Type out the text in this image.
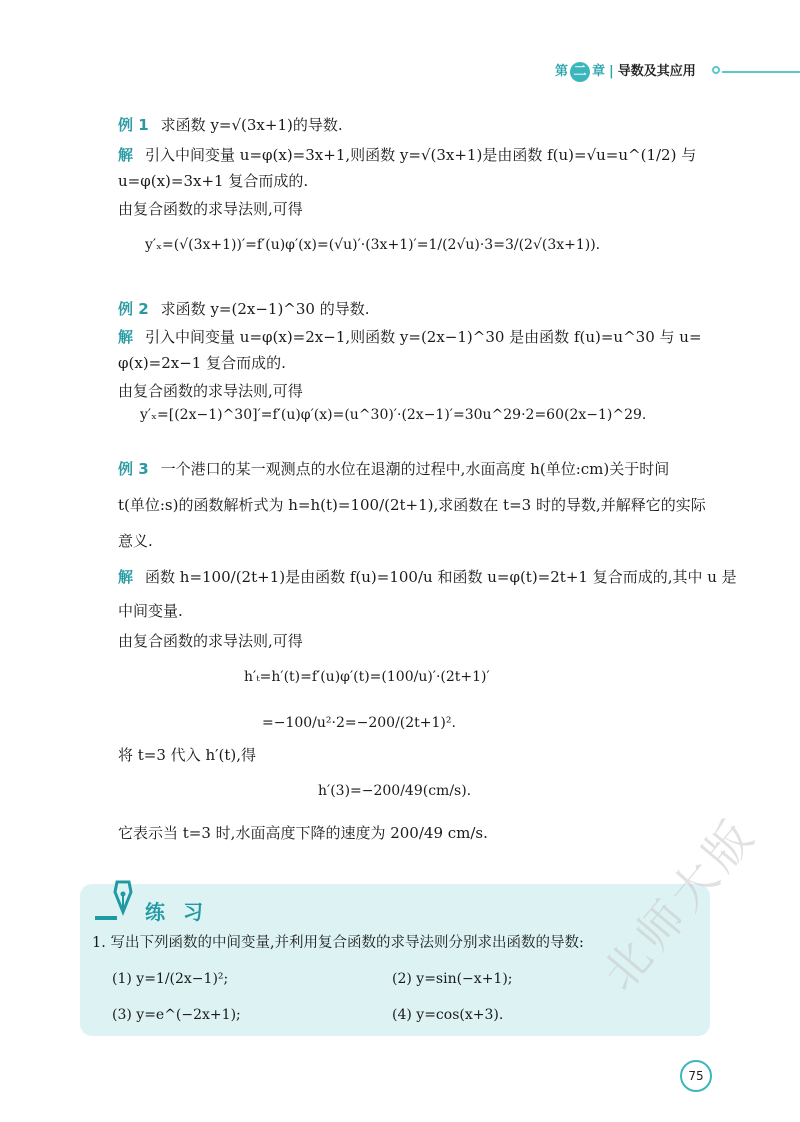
第 二 章 | 导数及其应用
例 1 求函数 y=√(3x+1)的导数.
解 引入中间变量 u=φ(x)=3x+1,则函数 y=√(3x+1)是由函数 f(u)=√u=u^(1/2) 与
u=φ(x)=3x+1 复合而成的.
由复合函数的求导法则,可得
y′ₓ=(√(3x+1))′=f′(u)φ′(x)=(√u)′·(3x+1)′=1/(2√u)·3=3/(2√(3x+1)).
例 2 求函数 y=(2x−1)^30 的导数.
解 引入中间变量 u=φ(x)=2x−1,则函数 y=(2x−1)^30 是由函数 f(u)=u^30 与 u=
φ(x)=2x−1 复合而成的.
由复合函数的求导法则,可得
y′ₓ=[(2x−1)^30]′=f′(u)φ′(x)=(u^30)′·(2x−1)′=30u^29·2=60(2x−1)^29.
例 3 一个港口的某一观测点的水位在退潮的过程中,水面高度 h(单位:cm)关于时间
t(单位:s)的函数解析式为 h=h(t)=100/(2t+1),求函数在 t=3 时的导数,并解释它的实际
意义.
解 函数 h=100/(2t+1)是由函数 f(u)=100/u 和函数 u=φ(t)=2t+1 复合而成的,其中 u 是
中间变量.
由复合函数的求导法则,可得
h′ₜ=h′(t)=f′(u)φ′(t)=(100/u)′·(2t+1)′
=−100/u²·2=−200/(2t+1)².
将 t=3 代入 h′(t),得
h′(3)=−200/49(cm/s).
它表示当 t=3 时,水面高度下降的速度为 200/49 cm/s.
练习
1. 写出下列函数的中间变量,并利用复合函数的求导法则分别求出函数的导数:
(1) y=1/(2x−1)²;	(2) y=sin(−x+1);
(3) y=e^(−2x+1);	(4) y=cos(x+3).
北师大版
75
